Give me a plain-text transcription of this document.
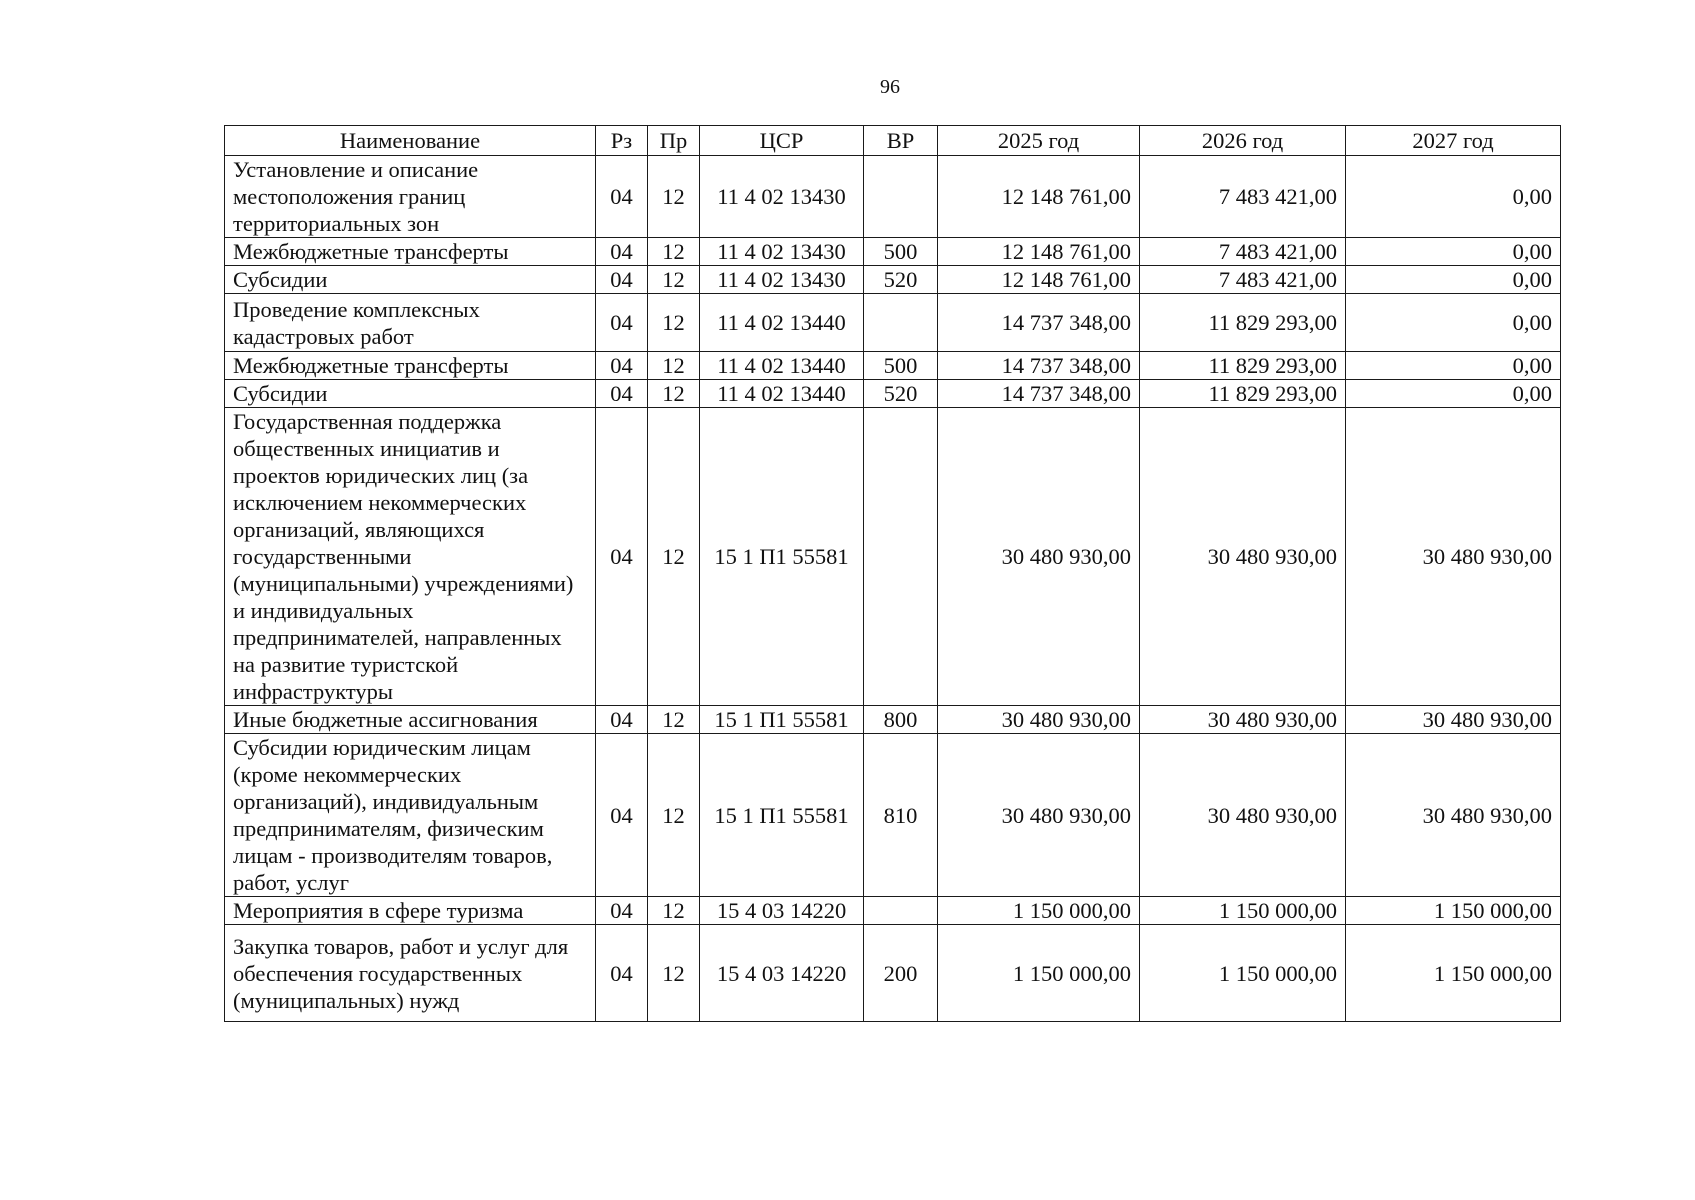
96
Наименование	Рз	Пр	ЦСР	ВР	2025 год	2026 год	2027 год
Установление и описание местоположения границ территориальных зон	04	12	11 4 02 13430		12 148 761,00	7 483 421,00	0,00
Межбюджетные трансферты	04	12	11 4 02 13430	500	12 148 761,00	7 483 421,00	0,00
Субсидии	04	12	11 4 02 13430	520	12 148 761,00	7 483 421,00	0,00
Проведение комплексных кадастровых работ	04	12	11 4 02 13440		14 737 348,00	11 829 293,00	0,00
Межбюджетные трансферты	04	12	11 4 02 13440	500	14 737 348,00	11 829 293,00	0,00
Субсидии	04	12	11 4 02 13440	520	14 737 348,00	11 829 293,00	0,00
Государственная поддержка общественных инициатив и проектов юридических лиц (за исключением некоммерческих организаций, являющихся государственными (муниципальными) учреждениями) и индивидуальных предпринимателей, направленных на развитие туристской инфраструктуры	04	12	15 1 П1 55581		30 480 930,00	30 480 930,00	30 480 930,00
Иные бюджетные ассигнования	04	12	15 1 П1 55581	800	30 480 930,00	30 480 930,00	30 480 930,00
Субсидии юридическим лицам (кроме некоммерческих организаций), индивидуальным предпринимателям, физическим лицам - производителям товаров, работ, услуг	04	12	15 1 П1 55581	810	30 480 930,00	30 480 930,00	30 480 930,00
Мероприятия в сфере туризма	04	12	15 4 03 14220		1 150 000,00	1 150 000,00	1 150 000,00
Закупка товаров, работ и услуг для обеспечения государственных (муниципальных) нужд	04	12	15 4 03 14220	200	1 150 000,00	1 150 000,00	1 150 000,00
